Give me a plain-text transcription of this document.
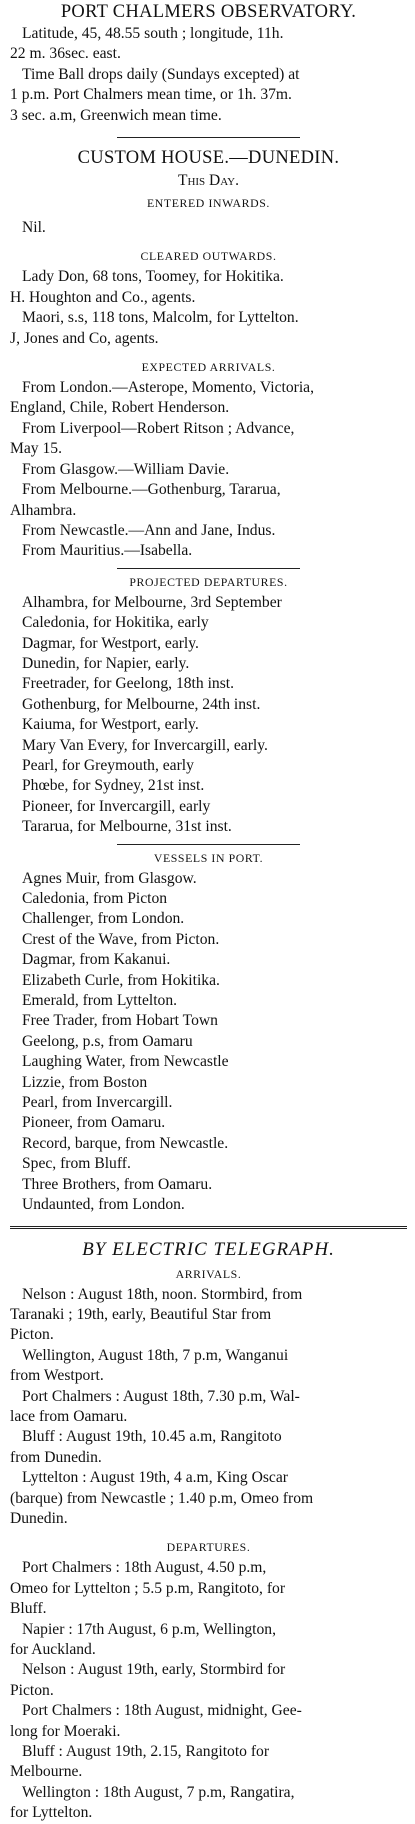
PORT CHALMERS OBSERVATORY.
Latitude, 45, 48.55 south ; longitude, 11h.
22 m. 36sec. east.
Time Ball drops daily (Sundays excepted) at
1 p.m. Port Chalmers mean time, or 1h. 37m.
3 sec. a.m, Greenwich mean time.
CUSTOM HOUSE.—DUNEDIN.
This Day.
ENTERED INWARDS.
Nil.
CLEARED OUTWARDS.
Lady Don, 68 tons, Toomey, for Hokitika.
H. Houghton and Co., agents.
Maori, s.s, 118 tons, Malcolm, for Lyttelton.
J, Jones and Co, agents.
EXPECTED ARRIVALS.
From London.—Asterope, Momento, Victoria,
England, Chile, Robert Henderson.
From Liverpool—Robert Ritson ; Advance,
May 15.
From Glasgow.—William Davie.
From Melbourne.—Gothenburg, Tararua,
Alhambra.
From Newcastle.—Ann and Jane, Indus.
From Mauritius.—Isabella.
PROJECTED DEPARTURES.
Alhambra, for Melbourne, 3rd September
Caledonia, for Hokitika, early
Dagmar, for Westport, early.
Dunedin, for Napier, early.
Freetrader, for Geelong, 18th inst.
Gothenburg, for Melbourne, 24th inst.
Kaiuma, for Westport, early.
Mary Van Every, for Invercargill, early.
Pearl, for Greymouth, early
Phœbe, for Sydney, 21st inst.
Pioneer, for Invercargill, early
Tararua, for Melbourne, 31st inst.
VESSELS IN PORT.
Agnes Muir, from Glasgow.
Caledonia, from Picton
Challenger, from London.
Crest of the Wave, from Picton.
Dagmar, from Kakanui.
Elizabeth Curle, from Hokitika.
Emerald, from Lyttelton.
Free Trader, from Hobart Town
Geelong, p.s, from Oamaru
Laughing Water, from Newcastle
Lizzie, from Boston
Pearl, from Invercargill.
Pioneer, from Oamaru.
Record, barque, from Newcastle.
Spec, from Bluff.
Three Brothers, from Oamaru.
Undaunted, from London.
BY ELECTRIC TELEGRAPH.
ARRIVALS.
Nelson : August 18th, noon. Stormbird, from
Taranaki ; 19th, early, Beautiful Star from
Picton.
Wellington, August 18th, 7 p.m, Wanganui
from Westport.
Port Chalmers : August 18th, 7.30 p.m, Wal-
lace from Oamaru.
Bluff : August 19th, 10.45 a.m, Rangitoto
from Dunedin.
Lyttelton : August 19th, 4 a.m, King Oscar
(barque) from Newcastle ; 1.40 p.m, Omeo from
Dunedin.
DEPARTURES.
Port Chalmers : 18th August, 4.50 p.m,
Omeo for Lyttelton ; 5.5 p.m, Rangitoto, for
Bluff.
Napier : 17th August, 6 p.m, Wellington,
for Auckland.
Nelson : August 19th, early, Stormbird for
Picton.
Port Chalmers : 18th August, midnight, Gee-
long for Moeraki.
Bluff : August 19th, 2.15, Rangitoto for
Melbourne.
Wellington : 18th August, 7 p.m, Rangatira,
for Lyttelton.
